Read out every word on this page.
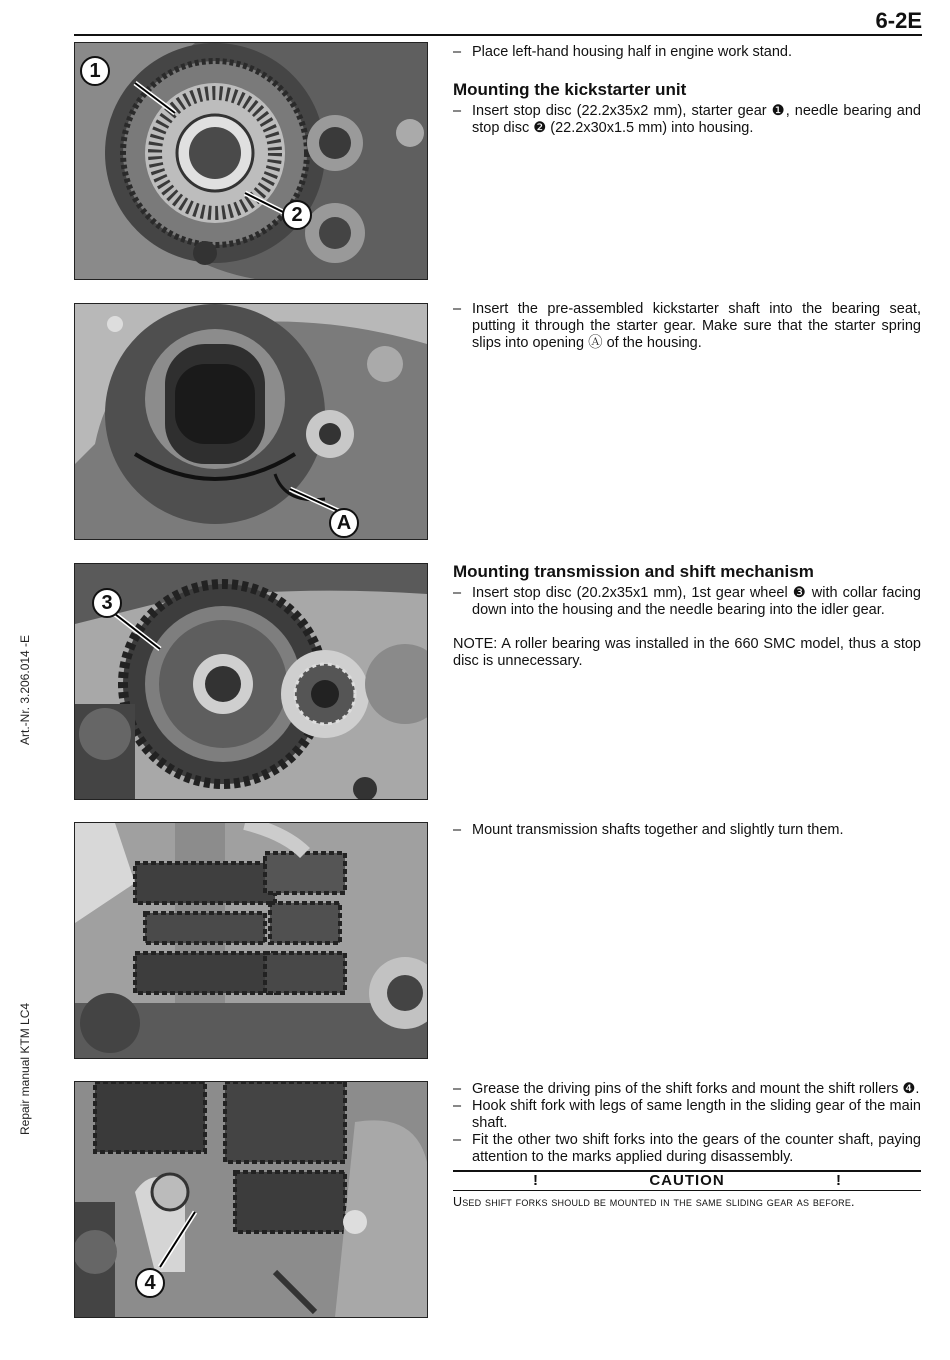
6-2E
Art.-Nr. 3.206.014 -E
Repair manual KTM LC4
1
2
– Place left-hand housing half in engine work stand.
Mounting the kickstarter unit
– Insert stop disc (22.2x35x2 mm), starter gear ❶, needle bearing and stop disc ❷ (22.2x30x1.5 mm) into housing.
A
– Insert the pre-assembled kickstarter shaft into the bearing seat, putting it through the starter gear. Make sure that the starter spring slips into opening Ⓐ of the housing.
3
Mounting transmission and shift mechanism
– Insert stop disc (20.2x35x1 mm), 1st gear wheel ❸ with collar facing down into the housing and the needle bearing into the idler gear.
NOTE: A roller bearing was installed in the 660 SMC model, thus a stop disc is unnecessary.
– Mount transmission shafts together and slightly turn them.
4
– Grease the driving pins of the shift forks and mount the shift rollers ❹.
– Hook shift fork with legs of same length in the sliding gear of the main shaft.
– Fit the other two shift forks into the gears of the counter shaft, paying attention to the marks applied during disassembly.
!	CAUTION	!
Used shift forks should be mounted in the same sliding gear as before.
